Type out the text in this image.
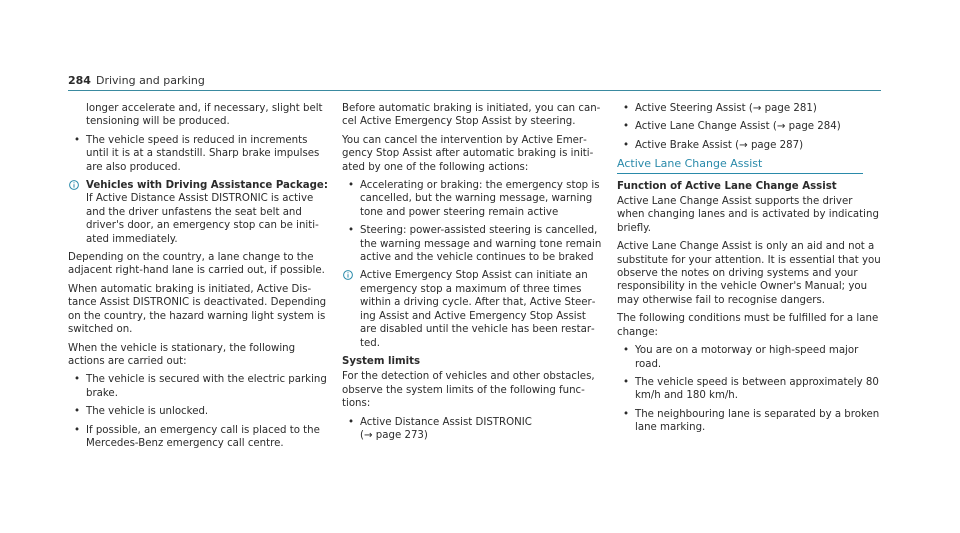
284 Driving and parking

longer accelerate and, if necessary, slight belt tensioning will be produced.

• The vehicle speed is reduced in increments until it is at a standstill. Sharp brake impulses are also produced.
Vehicles with Driving Assistance Package: If Active Distance Assist DISTRONIC is active and the driver unfastens the seat belt and driver's door, an emergency stop can be initiated immediately.

Depending on the country, a lane change to the adjacent right-hand lane is carried out, if possible.

When automatic braking is initiated, Active Distance Assist DISTRONIC is deactivated. Depending on the country, the hazard warning light system is switched on.

When the vehicle is stationary, the following actions are carried out:

• The vehicle is secured with the electric parking brake.
• The vehicle is unlocked.
• If possible, an emergency call is placed to the Mercedes-Benz emergency call centre.

Before automatic braking is initiated, you can cancel Active Emergency Stop Assist by steering.

You can cancel the intervention by Active Emergency Stop Assist after automatic braking is initiated by one of the following actions:

• Accelerating or braking: the emergency stop is cancelled, but the warning message, warning tone and power steering remain active
• Steering: power-assisted steering is cancelled, the warning message and warning tone remain active and the vehicle continues to be braked
Active Emergency Stop Assist can initiate an emergency stop a maximum of three times within a driving cycle. After that, Active Steering Assist and Active Emergency Stop Assist are disabled until the vehicle has been restarted.
System limits

For the detection of vehicles and other obstacles, observe the system limits of the following functions:

• Active Distance Assist DISTRONIC
(→ page 273)
• Active Steering Assist (→ page 281)
• Active Lane Change Assist (→ page 284)
• Active Brake Assist (→ page 287)
Active Lane Change Assist
Function of Active Lane Change Assist

Active Lane Change Assist supports the driver when changing lanes and is activated by indicating briefly.

Active Lane Change Assist is only an aid and not a substitute for your attention. It is essential that you observe the notes on driving systems and your responsibility in the vehicle Owner's Manual; you may otherwise fail to recognise dangers.

The following conditions must be fulfilled for a lane change:

• You are on a motorway or high-speed major road.
• The vehicle speed is between approximately 80 km/h and 180 km/h.
• The neighbouring lane is separated by a broken lane marking.
